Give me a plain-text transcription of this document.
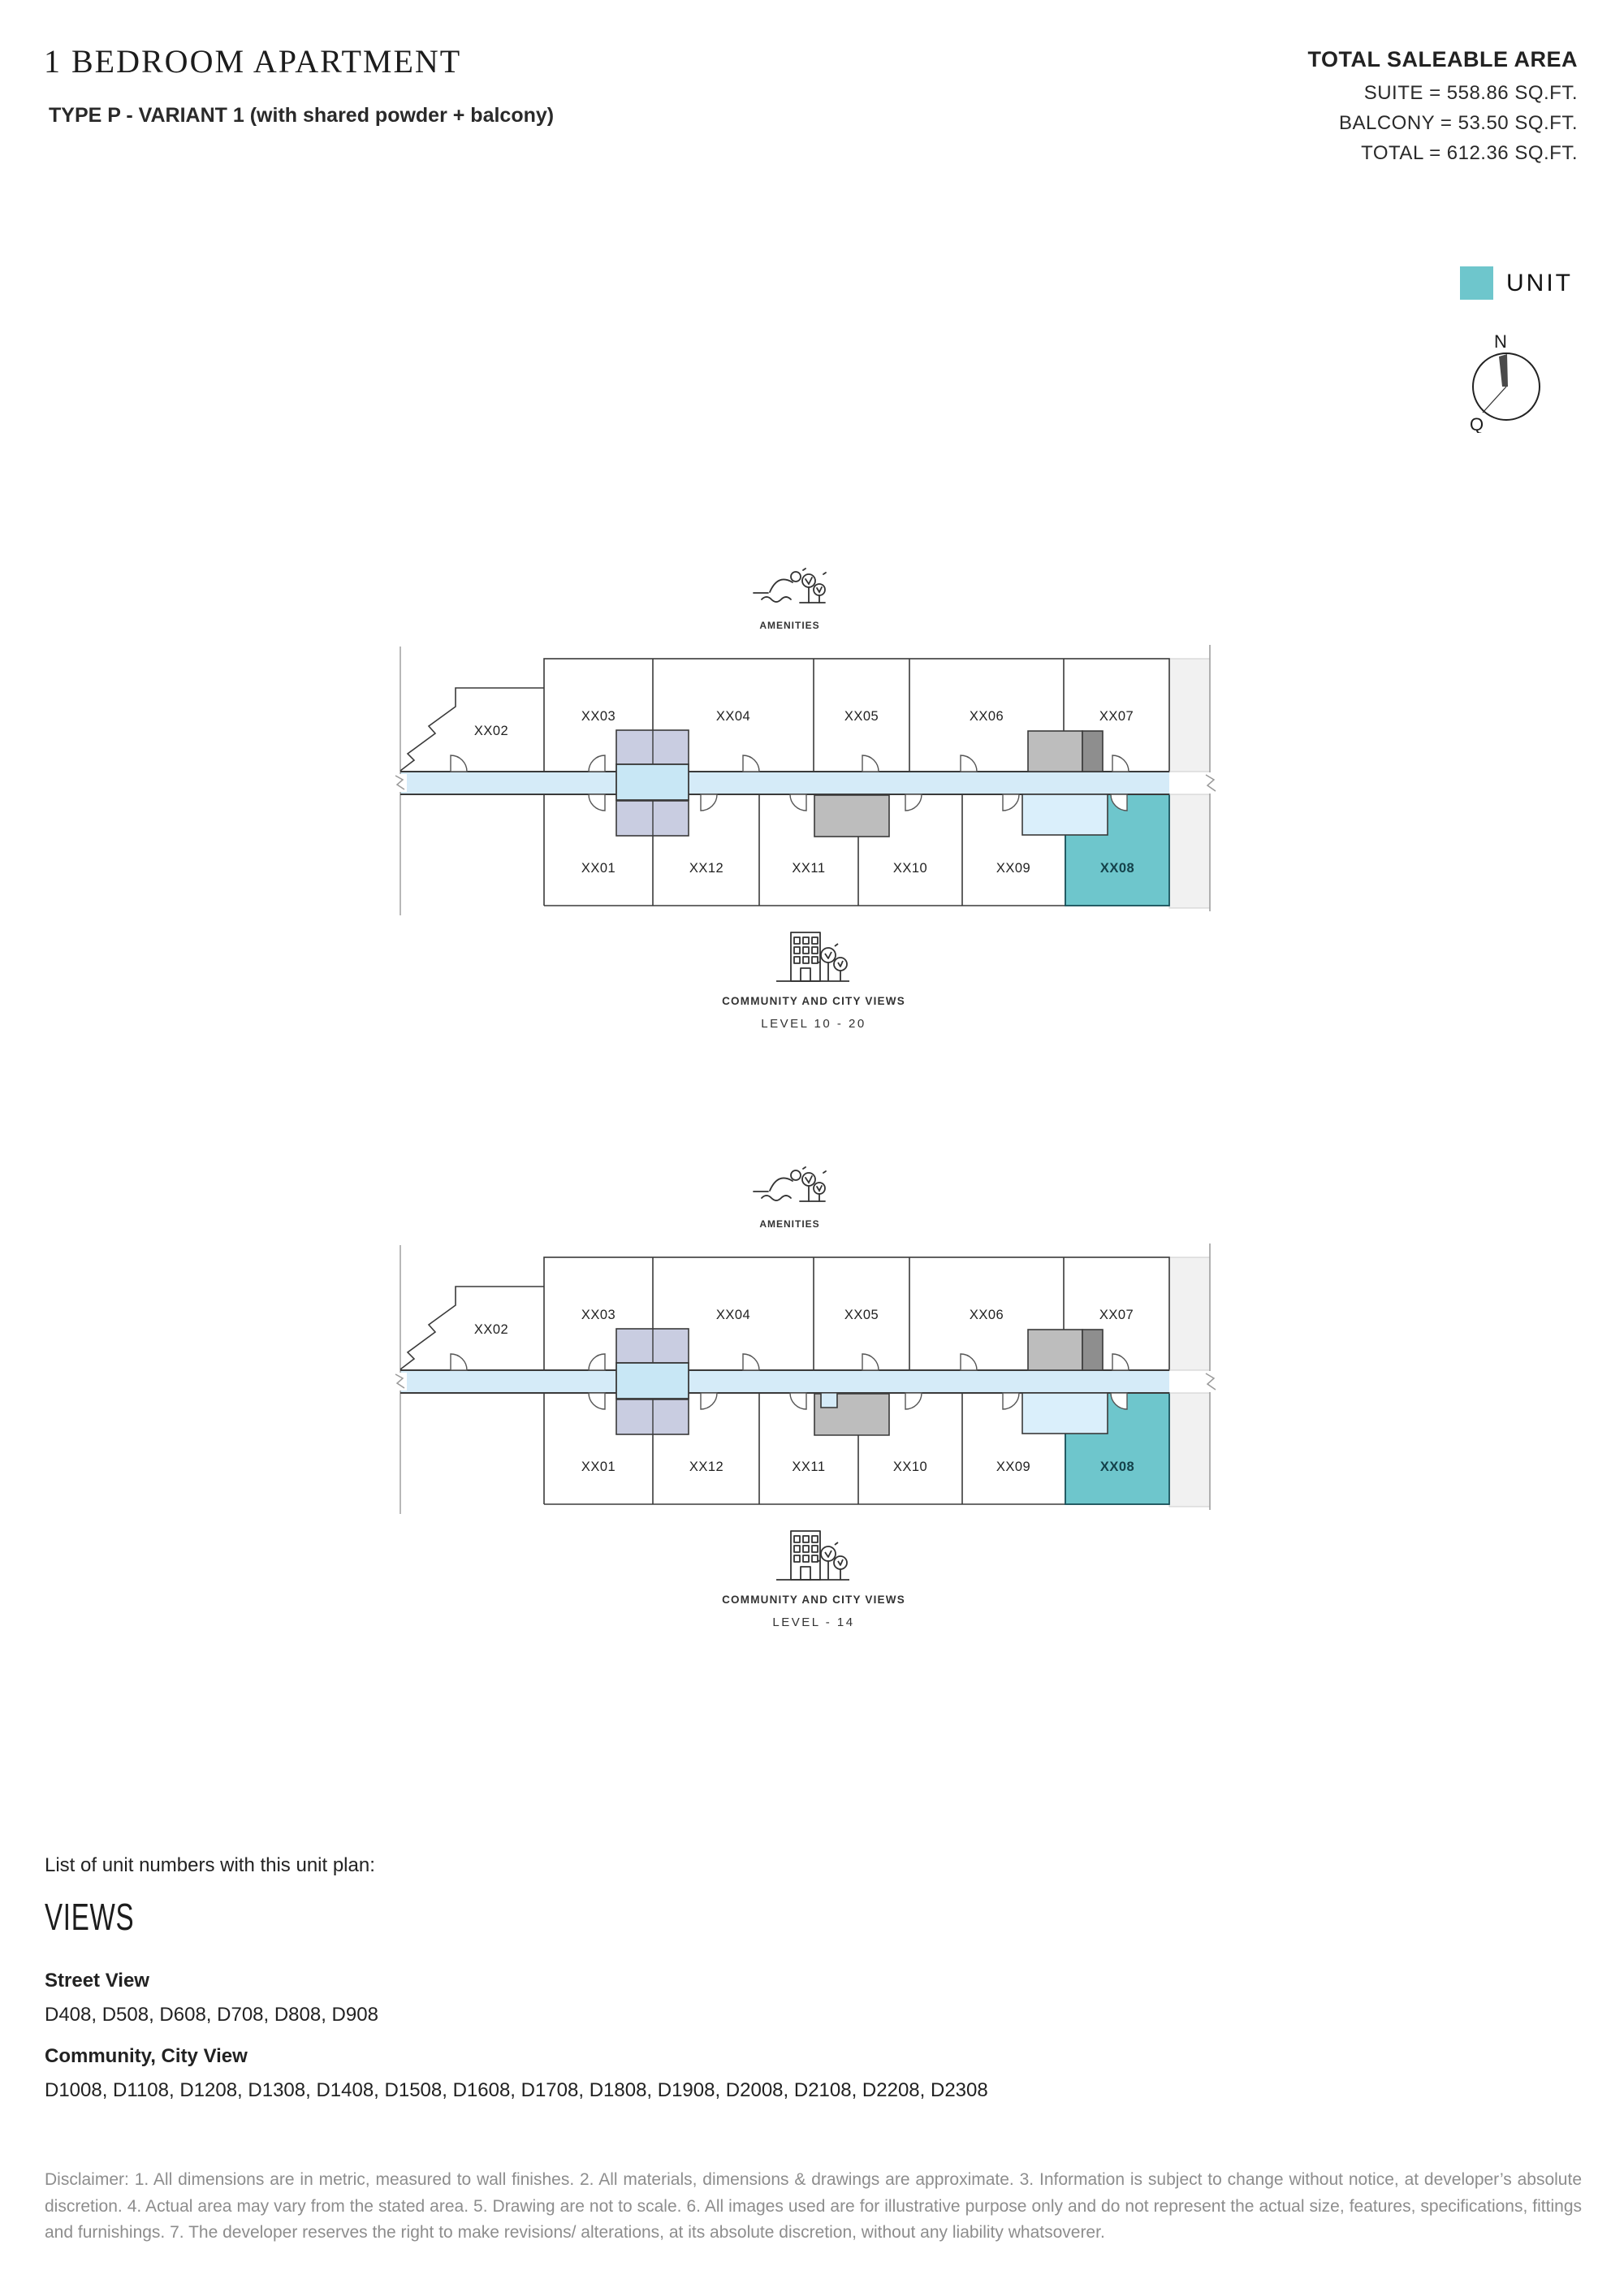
1 BEDROOM APARTMENT
TYPE P - VARIANT 1 (with shared powder + balcony)
TOTAL SALEABLE AREA
SUITE = 558.86 SQ.FT.
BALCONY = 53.50 SQ.FT.
TOTAL = 612.36 SQ.FT.
UNIT
N
Q
AMENITIES
XX02
XX03	XX04	XX05	XX06	XX07
XX01	XX12	XX11	XX10	XX09	XX08
COMMUNITY AND CITY VIEWS
LEVEL 10 - 20
AMENITIES
XX02
XX03	XX04	XX05	XX06	XX07
XX01	XX12	XX11	XX10	XX09	XX08
COMMUNITY AND CITY VIEWS
LEVEL - 14
List of unit numbers with this unit plan:
VIEWS
Street View
D408, D508, D608, D708, D808, D908
Community, City View
D1008, D1108, D1208, D1308, D1408, D1508, D1608, D1708, D1808, D1908, D2008, D2108, D2208, D2308
Disclaimer: 1. All dimensions are in metric, measured to wall finishes. 2. All materials, dimensions & drawings are approximate. 3. Information is subject to change without notice, at developer’s absolute discretion. 4. Actual area may vary from the stated area. 5. Drawing are not to scale. 6. All images used are for illustrative purpose only and do not represent the actual size, features, specifications, fittings and furnishings. 7. The developer reserves the right to make revisions/ alterations, at its absolute discretion, without any liability whatsoverer.
